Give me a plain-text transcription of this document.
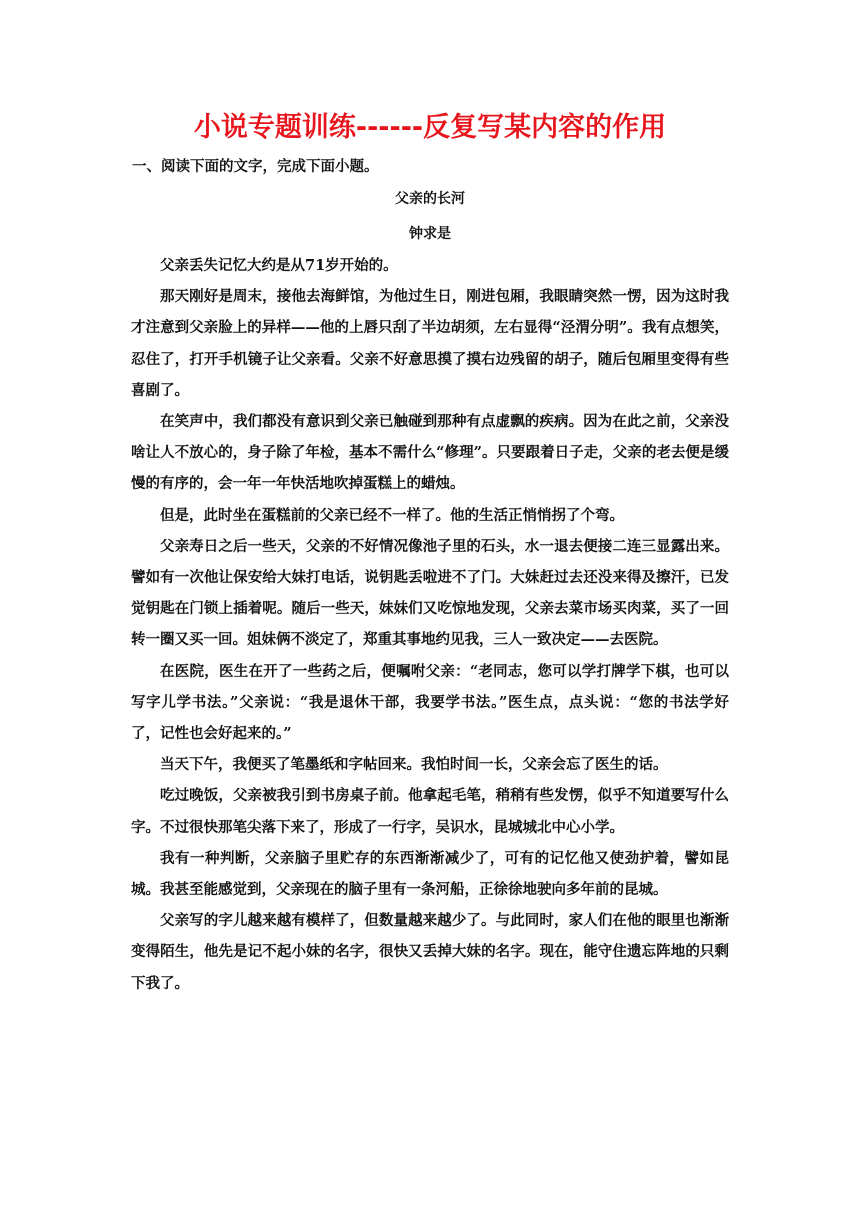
小说专题训练------反复写某内容的作用

一、阅读下面的文字，完成下面小题。

父亲的长河

钟求是

父亲丢失记忆大约是从71岁开始的。

那天刚好是周末，接他去海鲜馆，为他过生日，刚进包厢，我眼睛突然一愣，因为这时我才注意到父亲脸上的异样——他的上唇只刮了半边胡须，左右显得“泾渭分明”。我有点想笑，忍住了，打开手机镜子让父亲看。父亲不好意思摸了摸右边残留的胡子，随后包厢里变得有些喜剧了。

在笑声中，我们都没有意识到父亲已触碰到那种有点虚飘的疾病。因为在此之前，父亲没啥让人不放心的，身子除了年检，基本不需什么“修理”。只要跟着日子走，父亲的老去便是缓慢的有序的，会一年一年快活地吹掉蛋糕上的蜡烛。

但是，此时坐在蛋糕前的父亲已经不一样了。他的生活正悄悄拐了个弯。

父亲寿日之后一些天，父亲的不好情况像池子里的石头，水一退去便接二连三显露出来。譬如有一次他让保安给大妹打电话，说钥匙丢啦进不了门。大妹赶过去还没来得及擦汗，已发觉钥匙在门锁上插着呢。随后一些天，妹妹们又吃惊地发现，父亲去菜市场买肉菜，买了一回转一圈又买一回。姐妹俩不淡定了，郑重其事地约见我，三人一致决定——去医院。

在医院，医生在开了一些药之后，便嘱咐父亲：“老同志，您可以学打牌学下棋，也可以写字儿学书法。”父亲说：“我是退休干部，我要学书法。”医生点，点头说：“您的书法学好了，记性也会好起来的。”

当天下午，我便买了笔墨纸和字帖回来。我怕时间一长，父亲会忘了医生的话。

吃过晚饭，父亲被我引到书房桌子前。他拿起毛笔，稍稍有些发愣，似乎不知道要写什么字。不过很快那笔尖落下来了，形成了一行字，吴识水，昆城城北中心小学。

我有一种判断，父亲脑子里贮存的东西渐渐减少了，可有的记忆他又使劲护着，譬如昆城。我甚至能感觉到，父亲现在的脑子里有一条河船，正徐徐地驶向多年前的昆城。

父亲写的字儿越来越有模样了，但数量越来越少了。与此同时，家人们在他的眼里也渐渐变得陌生，他先是记不起小妹的名字，很快又丢掉大妹的名字。现在，能守住遗忘阵地的只剩下我了。
